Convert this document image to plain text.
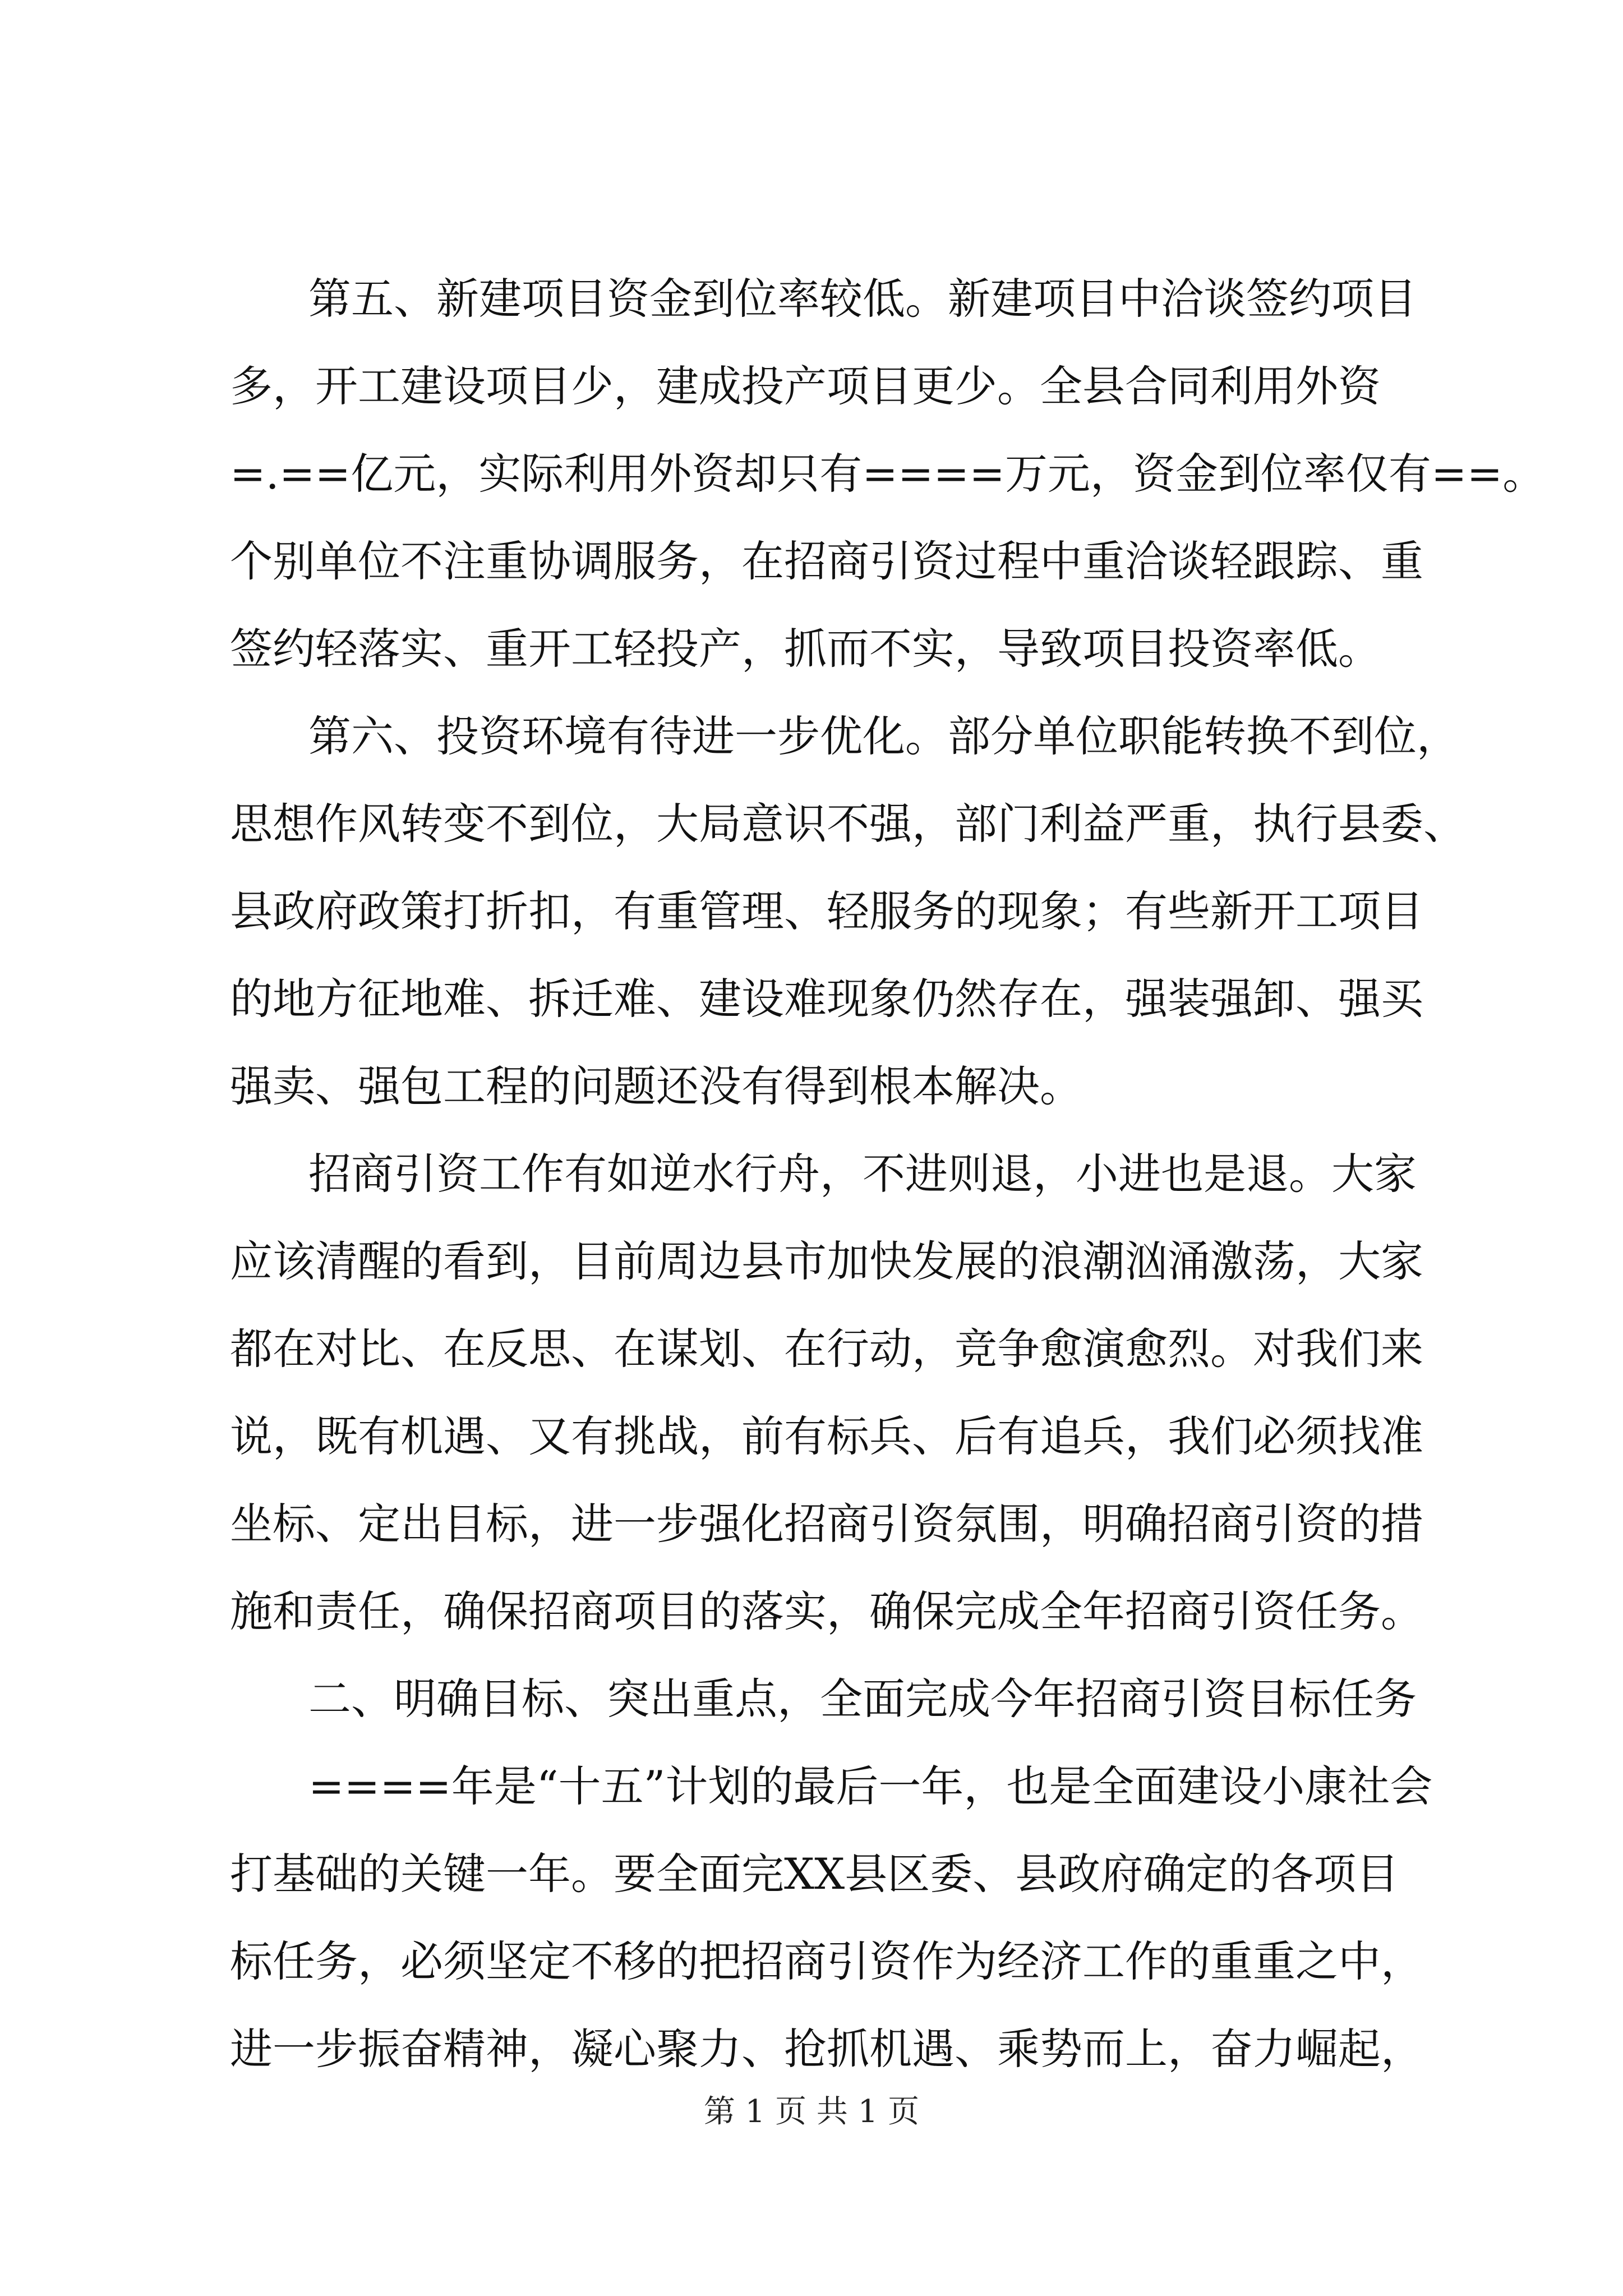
第五、新建项目资金到位率较低。新建项目中洽谈签约项目
多，开工建设项目少，建成投产项目更少。全县合同利用外资
=.==亿元，实际利用外资却只有====万元，资金到位率仅有==。
个别单位不注重协调服务，在招商引资过程中重洽谈轻跟踪、重
签约轻落实、重开工轻投产，抓而不实，导致项目投资率低。
第六、投资环境有待进一步优化。部分单位职能转换不到位，
思想作风转变不到位，大局意识不强，部门利益严重，执行县委、
县政府政策打折扣，有重管理、轻服务的现象；有些新开工项目
的地方征地难、拆迁难、建设难现象仍然存在，强装强卸、强买
强卖、强包工程的问题还没有得到根本解决。
招商引资工作有如逆水行舟，不进则退，小进也是退。大家
应该清醒的看到，目前周边县市加快发展的浪潮汹涌激荡，大家
都在对比、在反思、在谋划、在行动，竞争愈演愈烈。对我们来
说，既有机遇、又有挑战，前有标兵、后有追兵，我们必须找准
坐标、定出目标，进一步强化招商引资氛围，明确招商引资的措
施和责任，确保招商项目的落实，确保完成全年招商引资任务。
二、明确目标、突出重点，全面完成今年招商引资目标任务
====年是“十五”计划的最后一年，也是全面建设小康社会
打基础的关键一年。要全面完XX县区委、县政府确定的各项目
标任务，必须坚定不移的把招商引资作为经济工作的重重之中，
进一步振奋精神，凝心聚力、抢抓机遇、乘势而上，奋力崛起，
第 1 页 共 1 页
